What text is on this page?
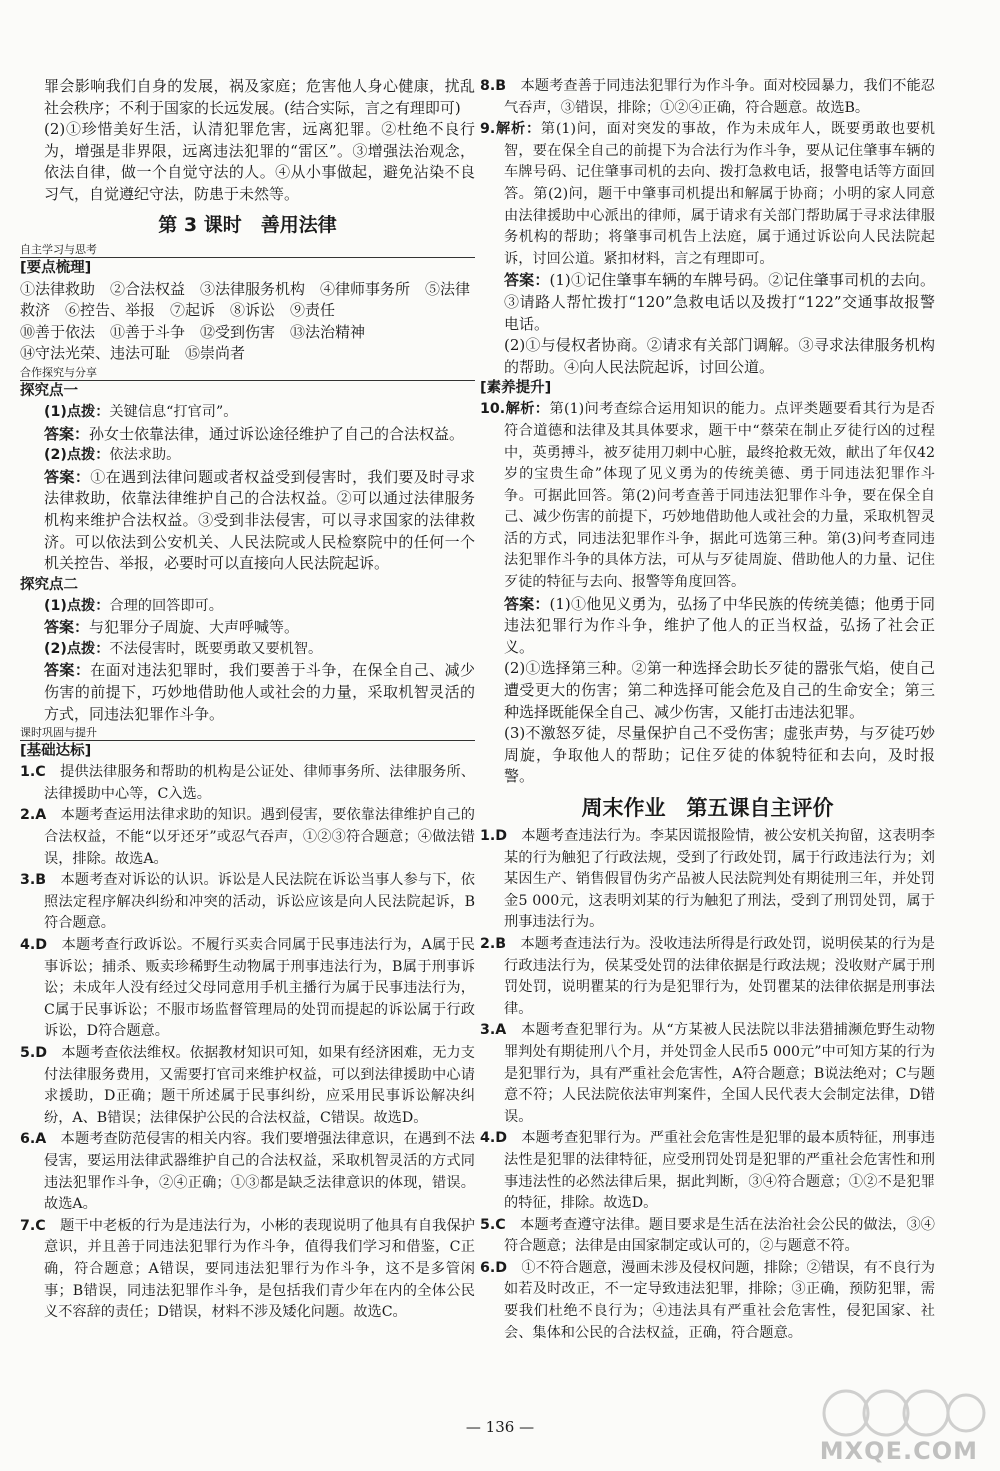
罪会影响我们自身的发展，祸及家庭；危害他人身心健康，扰乱社会秩序；不利于国家的长远发展。(结合实际，言之有理即可)

(2)①珍惜美好生活，认清犯罪危害，远离犯罪。②杜绝不良行为，增强是非界限，远离违法犯罪的“雷区”。③增强法治观念，依法自律，做一个自觉守法的人。④从小事做起，避免沾染不良习气，自觉遵纪守法，防患于未然等。

第 3 课时　善用法律
自主学习与思考
[要点梳理]

①法律救助　②合法权益　③法律服务机构　④律师事务所　⑤法律救济　⑥控告、举报　⑦起诉　⑧诉讼　⑨责任

⑩善于依法　⑪善于斗争　⑫受到伤害　⑬法治精神

⑭守法光荣、违法可耻　⑮崇尚者

合作探究与分享
探究点一

(1)点拨：关键信息“打官司”。

答案：孙女士依靠法律，通过诉讼途径维护了自己的合法权益。

(2)点拨：依法求助。

答案：①在遇到法律问题或者权益受到侵害时，我们要及时寻求法律救助，依靠法律维护自己的合法权益。②可以通过法律服务机构来维护合法权益。③受到非法侵害，可以寻求国家的法律救济。可以依法到公安机关、人民法院或人民检察院中的任何一个机关控告、举报，必要时可以直接向人民法院起诉。

探究点二

(1)点拨：合理的回答即可。

答案：与犯罪分子周旋、大声呼喊等。

(2)点拨：不法侵害时，既要勇敢又要机智。

答案：在面对违法犯罪时，我们要善于斗争，在保全自己、减少伤害的前提下，巧妙地借助他人或社会的力量，采取机智灵活的方式，同违法犯罪作斗争。

课时巩固与提升
[基础达标]

1.C　 提供法律服务和帮助的机构是公证处、律师事务所、法律服务所、法律援助中心等，C入选。

2.A　 本题考查运用法律求助的知识。遇到侵害，要依靠法律维护自己的合法权益，不能“以牙还牙”或忍气吞声，①②③符合题意；④做法错误，排除。故选A。

3.B　 本题考查对诉讼的认识。诉讼是人民法院在诉讼当事人参与下，依照法定程序解决纠纷和冲突的活动，诉讼应该是向人民法院起诉，B符合题意。

4.D　 本题考查行政诉讼。不履行买卖合同属于民事违法行为，A属于民事诉讼；捕杀、贩卖珍稀野生动物属于刑事违法行为，B属于刑事诉讼；未成年人没有经过父母同意用手机主播行为属于民事违法行为，C属于民事诉讼；不服市场监督管理局的处罚而提起的诉讼属于行政诉讼，D符合题意。

5.D　 本题考查依法维权。依据教材知识可知，如果有经济困难，无力支付法律服务费用，又需要打官司来维护权益，可以到法律援助中心请求援助，D正确；题干所述属于民事纠纷，应采用民事诉讼解决纠纷，A、B错误；法律保护公民的合法权益，C错误。故选D。

6.A　 本题考查防范侵害的相关内容。我们要增强法律意识，在遇到不法侵害，要运用法律武器维护自己的合法权益，采取机智灵活的方式同违法犯罪作斗争，②④正确；①③都是缺乏法律意识的体现，错误。故选A。

7.C　 题干中老板的行为是违法行为，小彬的表现说明了他具有自我保护意识，并且善于同违法犯罪行为作斗争，值得我们学习和借鉴，C正确，符合题意；A错误，要同违法犯罪行为作斗争，这不是多管闲事；B错误，同违法犯罪作斗争，是包括我们青少年在内的全体公民义不容辞的责任；D错误，材料不涉及矮化问题。故选C。

8.B　 本题考查善于同违法犯罪行为作斗争。面对校园暴力，我们不能忍气吞声，③错误，排除；①②④正确，符合题意。故选B。

9.解析：第(1)问，面对突发的事故，作为未成年人，既要勇敢也要机智，要在保全自己的前提下为合法行为作斗争，要从记住肇事车辆的车牌号码、记住肇事司机的去向、拨打急救电话，报警电话等方面回答。第(2)问，题干中肇事司机提出和解属于协商；小明的家人同意由法律援助中心派出的律师，属于请求有关部门帮助属于寻求法律服务机构的帮助；将肇事司机告上法庭，属于通过诉讼向人民法院起诉，讨回公道。紧扣材料，言之有理即可。
答案：(1)①记住肇事车辆的车牌号码。②记住肇事司机的去向。③请路人帮忙拨打“120”急救电话以及拨打“122”交通事故报警电话。
(2)①与侵权者协商。②请求有关部门调解。③寻求法律服务机构的帮助。④向人民法院起诉，讨回公道。
[素养提升]
10.解析：第(1)问考查综合运用知识的能力。点评类题要看其行为是否符合道德和法律及其具体要求，题干中“蔡荣在制止歹徒行凶的过程中，英勇搏斗，被歹徒用刀刺中心脏，最终抢救无效，献出了年仅42岁的宝贵生命”体现了见义勇为的传统美德、勇于同违法犯罪作斗争。可据此回答。第(2)问考查善于同违法犯罪作斗争，要在保全自己、减少伤害的前提下，巧妙地借助他人或社会的力量，采取机智灵活的方式，同违法犯罪作斗争，据此可选第三种。第(3)问考查同违法犯罪作斗争的具体方法，可从与歹徒周旋、借助他人的力量、记住歹徒的特征与去向、报警等角度回答。
答案：(1)①他见义勇为，弘扬了中华民族的传统美德；他勇于同违法犯罪行为作斗争，维护了他人的正当权益，弘扬了社会正义。
(2)①选择第三种。②第一种选择会助长歹徒的嚣张气焰，使自己遭受更大的伤害；第二种选择可能会危及自己的生命安全；第三种选择既能保全自己、减少伤害，又能打击违法犯罪。
(3)不激怒歹徒，尽量保护自己不受伤害；虚张声势，与歹徒巧妙周旋，争取他人的帮助；记住歹徒的体貌特征和去向，及时报警。
周末作业　第五课自主评价

1.D　 本题考查违法行为。李某因谎报险情，被公安机关拘留，这表明李某的行为触犯了行政法规，受到了行政处罚，属于行政违法行为；刘某因生产、销售假冒伪劣产品被人民法院判处有期徒刑三年，并处罚金5 000元，这表明刘某的行为触犯了刑法，受到了刑罚处罚，属于刑事违法行为。

2.B　 本题考查违法行为。没收违法所得是行政处罚，说明侯某的行为是行政违法行为，侯某受处罚的法律依据是行政法规；没收财产属于刑罚处罚，说明瞿某的行为是犯罪行为，处罚瞿某的法律依据是刑事法律。

3.A　 本题考查犯罪行为。从“方某被人民法院以非法猎捕濒危野生动物罪判处有期徒刑八个月，并处罚金人民币5 000元”中可知方某的行为是犯罪行为，具有严重社会危害性，A符合题意；B说法绝对；C与题意不符；人民法院依法审判案件，全国人民代表大会制定法律，D错误。

4.D　 本题考查犯罪行为。严重社会危害性是犯罪的最本质特征，刑事违法性是犯罪的法律特征，应受刑罚处罚是犯罪的严重社会危害性和刑事违法性的必然法律后果，据此判断，③④符合题意；①②不是犯罪的特征，排除。故选D。

5.C　 本题考查遵守法律。题目要求是生活在法治社会公民的做法，③④符合题意；法律是由国家制定或认可的，②与题意不符。

6.D　 ①不符合题意，漫画未涉及侵权问题，排除；②错误，有不良行为如若及时改正，不一定导致违法犯罪，排除；③正确，预防犯罪，需要我们杜绝不良行为；④违法具有严重社会危害性，侵犯国家、社会、集体和公民的合法权益，正确，符合题意。

— 136 —
MXQE.COM
